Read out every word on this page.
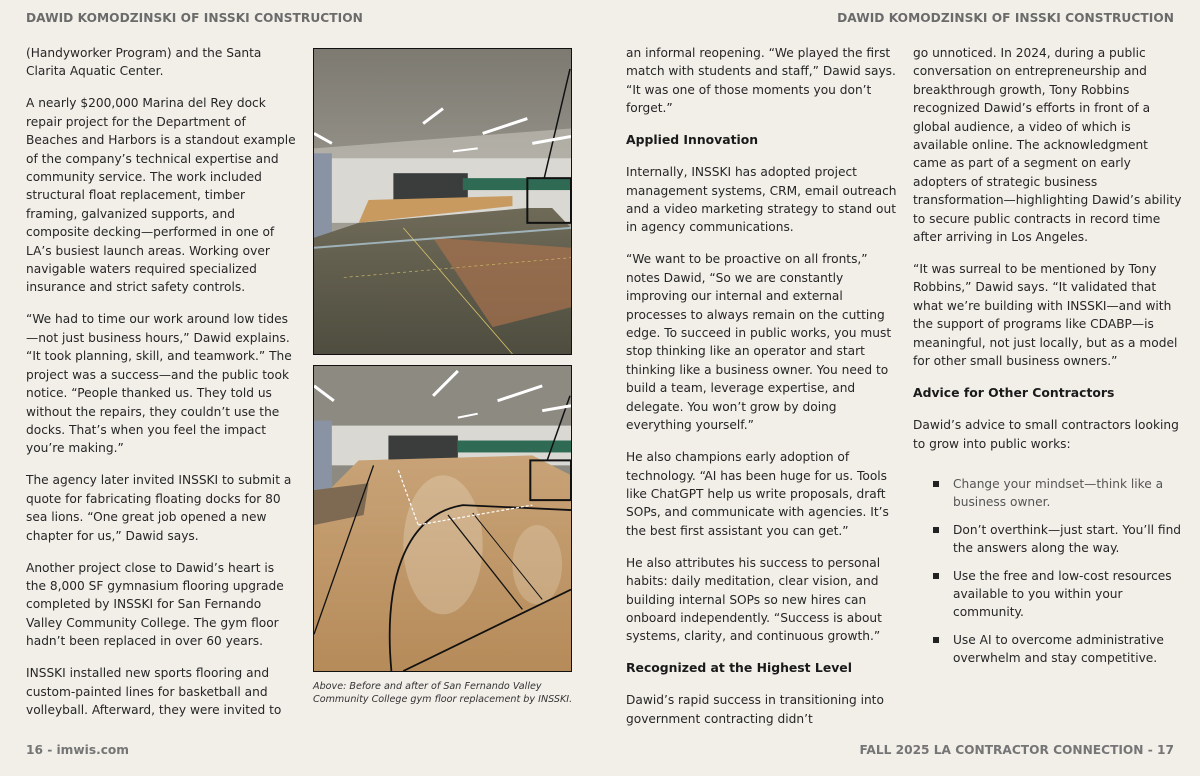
DAWID KOMODZINSKI OF INSSKI CONSTRUCTION	DAWID KOMODZINSKI OF INSSKI CONSTRUCTION

(Handyworker Program) and the Santa Clarita Aquatic Center.

A nearly $200,000 Marina del Rey dock repair project for the Department of Beaches and Harbors is a standout example of the company’s technical expertise and community service. The work included structural float replacement, timber framing, galvanized supports, and composite decking—performed in one of LA’s busiest launch areas. Working over navigable waters required specialized insurance and strict safety controls.

“We had to time our work around low tides—not just business hours,” Dawid explains. “It took planning, skill, and teamwork.” The project was a success—and the public took notice. “People thanked us. They told us without the repairs, they couldn’t use the docks. That’s when you feel the impact you’re making.”

The agency later invited INSSKI to submit a quote for fabricating floating docks for 80 sea lions. “One great job opened a new chapter for us,” Dawid says.

Another project close to Dawid’s heart is the 8,000 SF gymnasium flooring upgrade completed by INSSKI for San Fernando Valley Community College. The gym floor hadn’t been replaced in over 60 years.

INSSKI installed new sports flooring and custom-painted lines for basketball and volleyball. Afterward, they were invited to

Above: Before and after of San Fernando Valley Community College gym floor replacement by INSSKI.

an informal reopening. “We played the first match with students and staff,” Dawid says. “It was one of those moments you don’t forget.”

Applied Innovation

Internally, INSSKI has adopted project management systems, CRM, email outreach and a video marketing strategy to stand out in agency communications.

“We want to be proactive on all fronts,” notes Dawid, “So we are constantly improving our internal and external processes to always remain on the cutting edge. To succeed in public works, you must stop thinking like an operator and start thinking like a business owner. You need to build a team, leverage expertise, and delegate. You won’t grow by doing everything yourself.”

He also champions early adoption of technology. “AI has been huge for us. Tools like ChatGPT help us write proposals, draft SOPs, and communicate with agencies. It’s the best first assistant you can get.”

He also attributes his success to personal habits: daily meditation, clear vision, and building internal SOPs so new hires can onboard independently. “Success is about systems, clarity, and continuous growth.”

Recognized at the Highest Level

Dawid’s rapid success in transitioning into government contracting didn’t

go unnoticed. In 2024, during a public conversation on entrepreneurship and breakthrough growth, Tony Robbins recognized Dawid’s efforts in front of a global audience, a video of which is available online. The acknowledgment came as part of a segment on early adopters of strategic business transformation—highlighting Dawid’s ability to secure public contracts in record time after arriving in Los Angeles.

“It was surreal to be mentioned by Tony Robbins,” Dawid says. “It validated that what we’re building with INSSKI—and with the support of programs like CDABP—is meaningful, not just locally, but as a model for other small business owners.”

Advice for Other Contractors

Dawid’s advice to small contractors looking to grow into public works:

Change your mindset—think like a business owner.
Don’t overthink—just start. You’ll find the answers along the way.
Use the free and low-cost resources available to you within your community.
Use AI to overcome administrative overwhelm and stay competitive.
16 - imwis.com	FALL 2025 LA CONTRACTOR CONNECTION - 17
